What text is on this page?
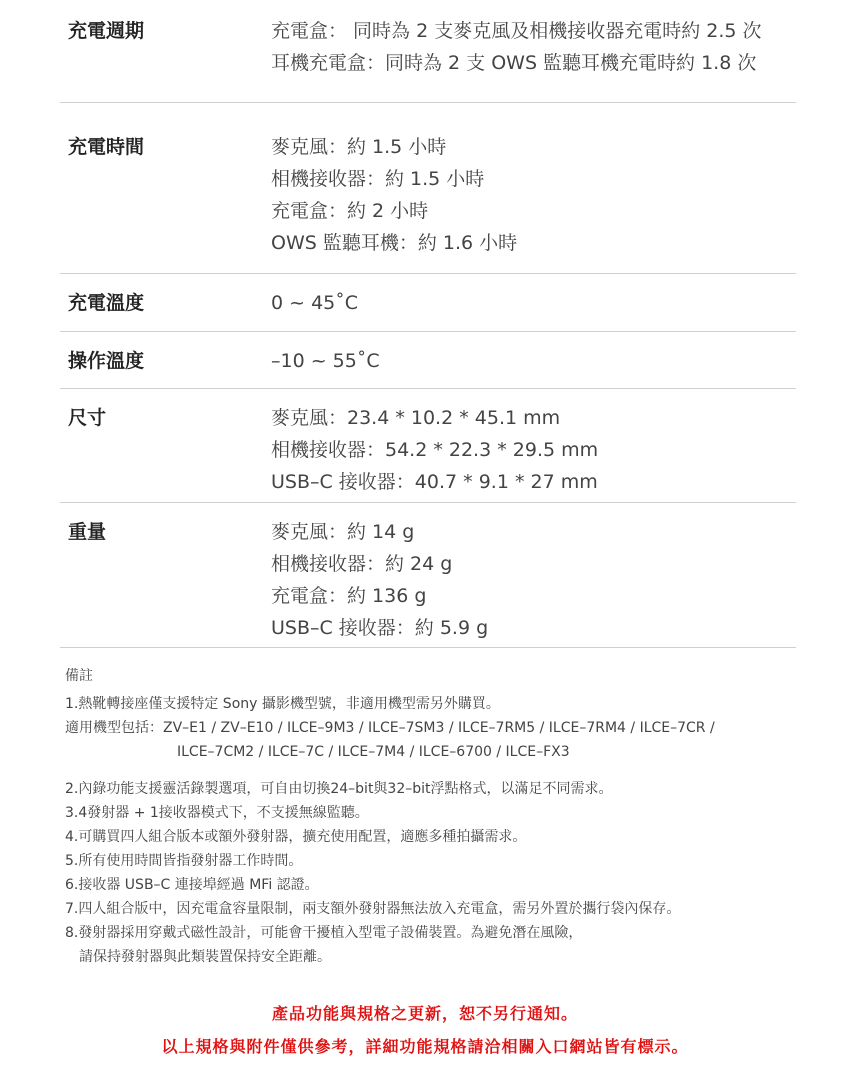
充電週期	充電盒： 同時為 2 支麥克風及相機接收器充電時約 2.5 次
耳機充電盒：同時為 2 支 OWS 監聽耳機充電時約 1.8 次
充電時間	麥克風：約 1.5 小時
相機接收器：約 1.5 小時
充電盒：約 2 小時
OWS 監聽耳機：約 1.6 小時
充電溫度	0 ~ 45˚C
操作溫度	–10 ~ 55˚C
尺寸	麥克風：23.4 * 10.2 * 45.1 mm
相機接收器：54.2 * 22.3 * 29.5 mm
USB–C 接收器：40.7 * 9.1 * 27 mm
重量	麥克風：約 14 g
相機接收器：約 24 g
充電盒：約 136 g
USB–C 接收器：約 5.9 g
備註
1.熱靴轉接座僅支援特定 Sony 攝影機型號，非適用機型需另外購買。
適用機型包括：ZV–E1 / ZV–E10 / ILCE–9M3 / ILCE–7SM3 / ILCE–7RM5 / ILCE–7RM4 / ILCE–7CR /
ILCE–7CM2 / ILCE–7C / ILCE–7M4 / ILCE–6700 / ILCE–FX3
2.內錄功能支援靈活錄製選項，可自由切換24–bit與32–bit浮點格式，以滿足不同需求。
3.4發射器 + 1接收器模式下，不支援無線監聽。
4.可購買四人組合版本或額外發射器，擴充使用配置，適應多種拍攝需求。
5.所有使用時間皆指發射器工作時間。
6.接收器 USB–C 連接埠經過 MFi 認證。
7.四人組合版中，因充電盒容量限制，兩支額外發射器無法放入充電盒，需另外置於攜行袋內保存。
8.發射器採用穿戴式磁性設計，可能會干擾植入型電子設備裝置。為避免潛在風險，
請保持發射器與此類裝置保持安全距離。
產品功能與規格之更新，恕不另行通知。
以上規格與附件僅供參考，詳細功能規格請洽相關入口網站皆有標示。
